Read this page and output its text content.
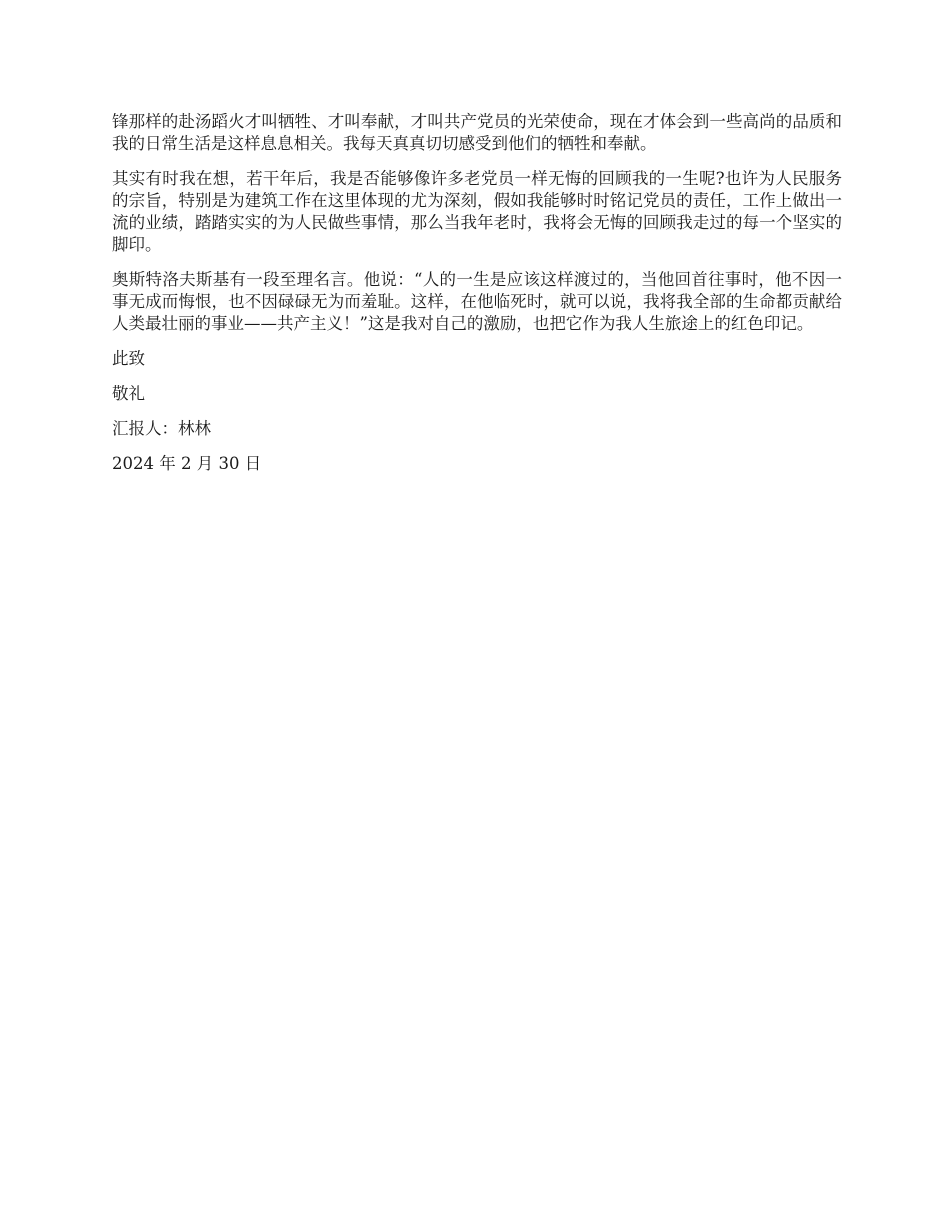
锋那样的赴汤蹈火才叫牺牲、才叫奉献，才叫共产党员的光荣使命，现在才体会到一些高尚的品质和我的日常生活是这样息息相关。我每天真真切切感受到他们的牺牲和奉献。

其实有时我在想，若干年后，我是否能够像许多老党员一样无悔的回顾我的一生呢?也许为人民服务的宗旨，特别是为建筑工作在这里体现的尤为深刻，假如我能够时时铭记党员的责任，工作上做出一流的业绩，踏踏实实的为人民做些事情，那么当我年老时，我将会无悔的回顾我走过的每一个坚实的脚印。

奥斯特洛夫斯基有一段至理名言。他说：“人的一生是应该这样渡过的，当他回首往事时，他不因一事无成而悔恨，也不因碌碌无为而羞耻。这样，在他临死时，就可以说，我将我全部的生命都贡献给人类最壮丽的事业——共产主义！”这是我对自己的激励，也把它作为我人生旅途上的红色印记。

此致

敬礼

汇报人：林林

2024 年 2 月 30 日
